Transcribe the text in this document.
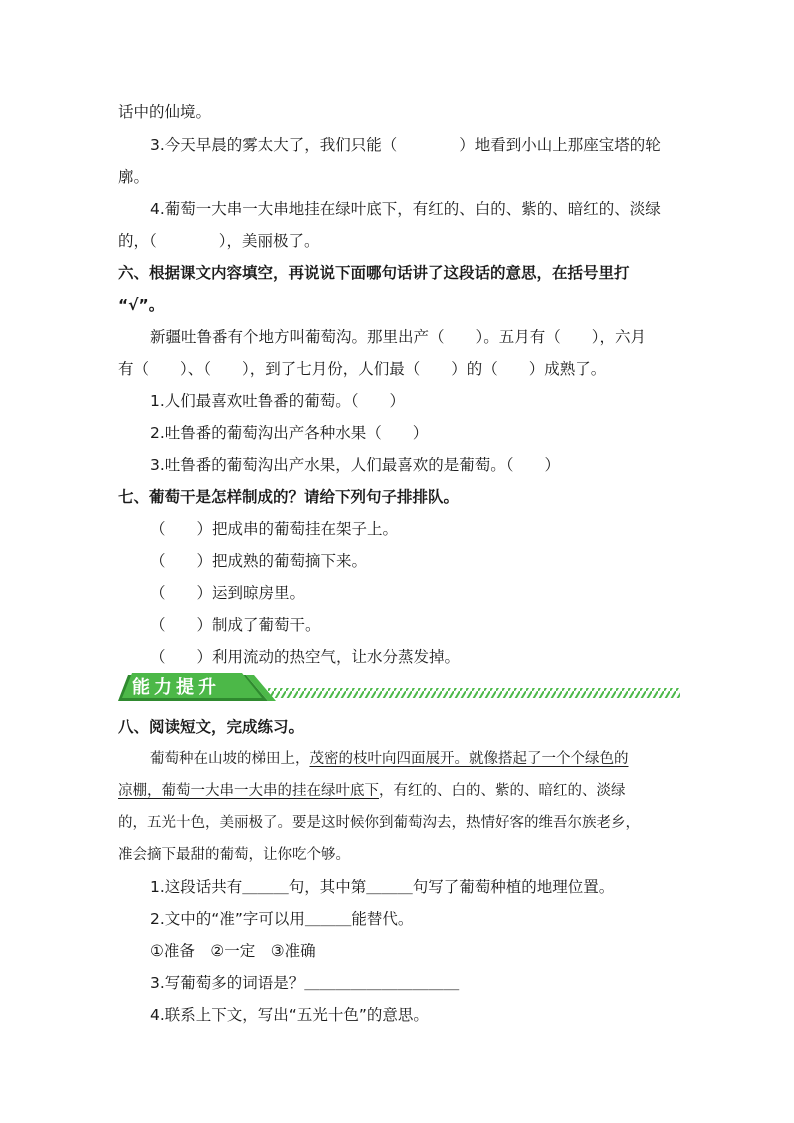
话中的仙境。
3.今天早晨的雾太大了，我们只能（　　　　）地看到小山上那座宝塔的轮
廓。
4.葡萄一大串一大串地挂在绿叶底下，有红的、白的、紫的、暗红的、淡绿
的，（　　　　），美丽极了。
六、根据课文内容填空，再说说下面哪句话讲了这段话的意思，在括号里打
“√”。
新疆吐鲁番有个地方叫葡萄沟。那里出产（　　）。五月有（　　），六月
有（　　）、（　　），到了七月份，人们最（　　）的（　　）成熟了。
1.人们最喜欢吐鲁番的葡萄。（　　）
2.吐鲁番的葡萄沟出产各种水果（　　）
3.吐鲁番的葡萄沟出产水果，人们最喜欢的是葡萄。（　　）
七、葡萄干是怎样制成的？请给下列句子排排队。
（　　）把成串的葡萄挂在架子上。
（　　）把成熟的葡萄摘下来。
（　　）运到晾房里。
（　　）制成了葡萄干。
（　　）利用流动的热空气，让水分蒸发掉。
能力提升
八、阅读短文，完成练习。
葡萄种在山坡的梯田上，茂密的枝叶向四面展开。就像搭起了一个个绿色的
凉棚，葡萄一大串一大串的挂在绿叶底下，有红的、白的、紫的、暗红的、淡绿
的，五光十色，美丽极了。要是这时候你到葡萄沟去，热情好客的维吾尔族老乡，
准会摘下最甜的葡萄，让你吃个够。
1.这段话共有＿＿＿句，其中第＿＿＿句写了葡萄种植的地理位置。
2.文中的“准”字可以用＿＿＿能替代。
①准备　②一定　③准确
3.写葡萄多的词语是？＿＿＿＿＿＿＿＿＿＿
4.联系上下文，写出“五光十色”的意思。
